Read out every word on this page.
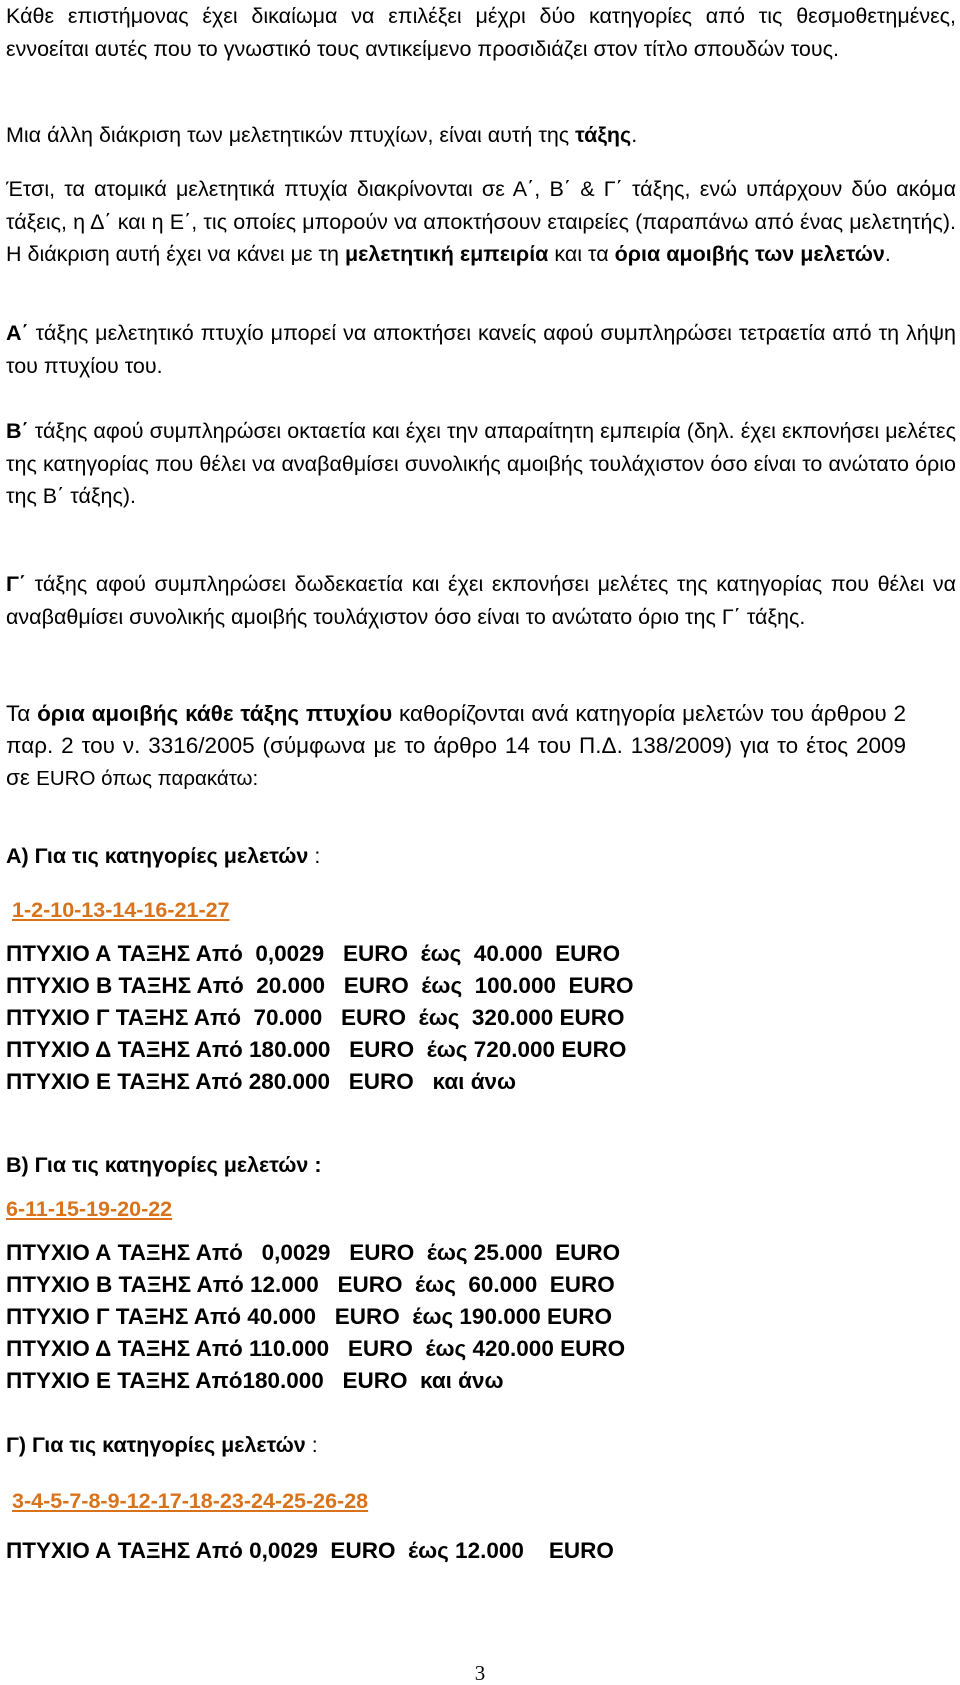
Κάθε επιστήμονας έχει δικαίωμα να επιλέξει μέχρι δύο κατηγορίες από τις θεσμοθετημένες, εννοείται αυτές που το γνωστικό τους αντικείμενο προσιδιάζει στον τίτλο σπουδών τους.

Μια άλλη διάκριση των μελετητικών πτυχίων, είναι αυτή της τάξης.

Έτσι, τα ατομικά μελετητικά πτυχία διακρίνονται σε Α΄, Β΄ & Γ΄ τάξης, ενώ υπάρχουν δύο ακόμα τάξεις, η Δ΄ και η Ε΄, τις οποίες μπορούν να αποκτήσουν εταιρείες (παραπάνω από ένας μελετητής). Η διάκριση αυτή έχει να κάνει με τη μελετητική εμπειρία και τα όρια αμοιβής των μελετών.

Α΄ τάξης μελετητικό πτυχίο μπορεί να αποκτήσει κανείς αφού συμπληρώσει τετραετία από τη λήψη του πτυχίου του.

Β΄ τάξης αφού συμπληρώσει οκταετία και έχει την απαραίτητη εμπειρία (δηλ. έχει εκπονήσει μελέτες της κατηγορίας που θέλει να αναβαθμίσει συνολικής αμοιβής τουλάχιστον όσο είναι το ανώτατο όριο της Β΄ τάξης).

Γ΄ τάξης αφού συμπληρώσει δωδεκαετία και έχει εκπονήσει μελέτες της κατηγορίας που θέλει να αναβαθμίσει συνολικής αμοιβής τουλάχιστον όσο είναι το ανώτατο όριο της Γ΄ τάξης.

Τα όρια αμοιβής κάθε τάξης πτυχίου καθορίζονται ανά κατηγορία μελετών του άρθρου 2 παρ. 2 του ν. 3316/2005 (σύμφωνα με το άρθρο 14 του Π.Δ. 138/2009) για το έτος 2009 σε EURO όπως παρακάτω:

Α) Για τις κατηγορίες μελετών :

1-2-10-13-14-16-21-27

ΠΤΥΧΙΟ Α ΤΑΞΗΣ Από  0,0029   EURO  έως  40.000  EURO

ΠΤΥΧΙΟ Β ΤΑΞΗΣ Από  20.000   EURO  έως  100.000  EURO

ΠΤΥΧΙΟ Γ ΤΑΞΗΣ Από  70.000   EURO  έως  320.000 EURO

ΠΤΥΧΙΟ Δ ΤΑΞΗΣ Από 180.000   EURO  έως 720.000 EURO

ΠΤΥΧΙΟ Ε ΤΑΞΗΣ Από 280.000   EURO   και άνω

Β) Για τις κατηγορίες μελετών :

6-11-15-19-20-22

ΠΤΥΧΙΟ Α ΤΑΞΗΣ Από   0,0029   EURO  έως 25.000  EURO

ΠΤΥΧΙΟ Β ΤΑΞΗΣ Από 12.000   EURO  έως  60.000  EURO

ΠΤΥΧΙΟ Γ ΤΑΞΗΣ Από 40.000   EURO  έως 190.000 EURO

ΠΤΥΧΙΟ Δ ΤΑΞΗΣ Από 110.000   EURO  έως 420.000 EURO

ΠΤΥΧΙΟ Ε ΤΑΞΗΣ Από180.000   EURO  και άνω

Γ) Για τις κατηγορίες μελετών :

3-4-5-7-8-9-12-17-18-23-24-25-26-28

ΠΤΥΧΙΟ Α ΤΑΞΗΣ Από 0,0029  EURO  έως 12.000    EURO

3
